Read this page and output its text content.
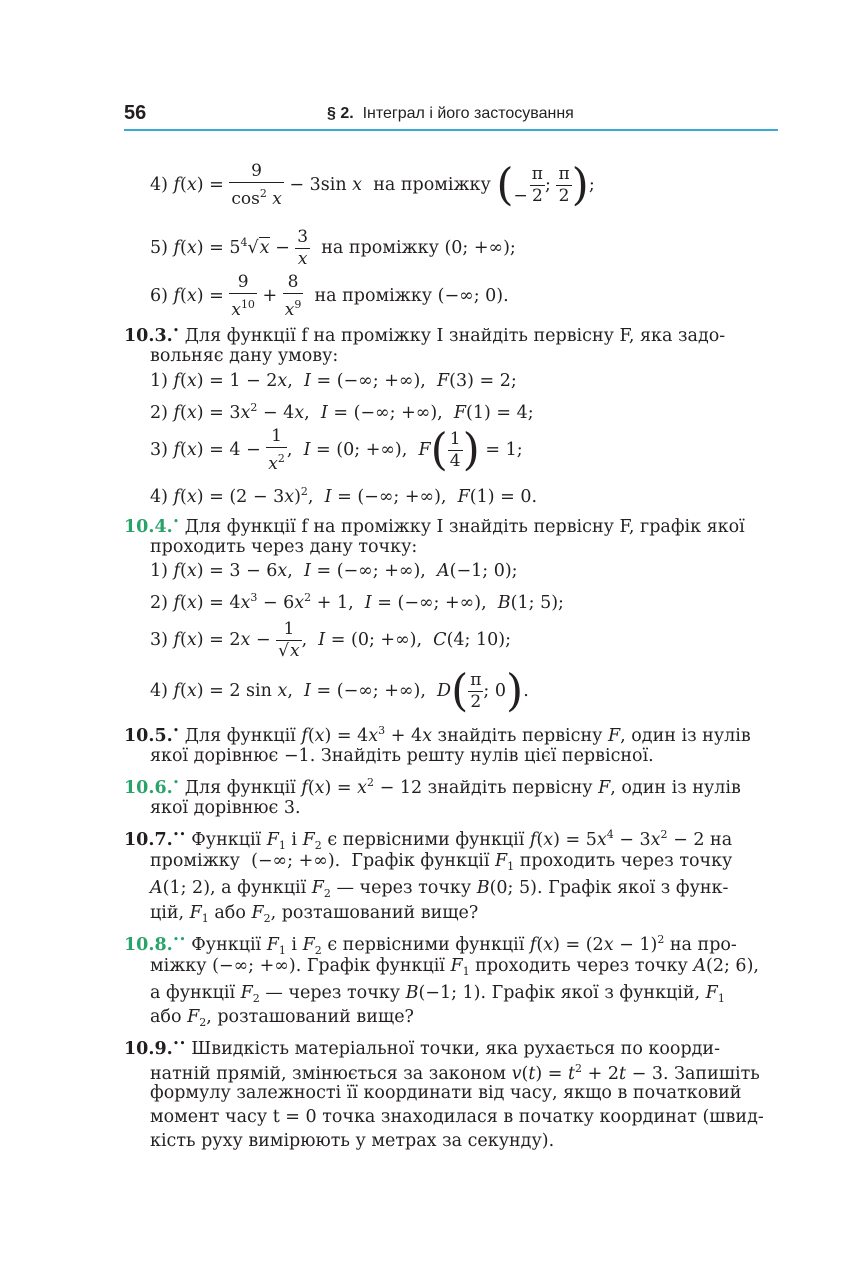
56	§ 2. Інтеграл і його застосування
4) $f(x) = \frac{9}{\cos^2 x} - 3\sin$ x на проміжку (
− $\frac{\pi}{2}$ ; $\frac{\pi}{2}$ );
5) $f(x) = 5^4√x - \frac{3}{x}$ на проміжку (0; +∞);
6) $f(x) = \frac{9}{x^{10}} + \frac{8}{x^9}$ на проміжку (−∞; 0).
10.3.• Для функції f на проміжку I знайдіть первісну F, яка задо-
вольняє дану умову:
1) f(x) = 1 − 2x,  I = (−∞; +∞),  F(3) = 2;
2) $f(x) = 3x^2 - 4x$,  I = (−∞; +∞),  F(1) = 4;
3) $f(x) = 4 - \frac{1}{x^2}$ ,  I = (0; +∞),  $F( \frac{1}{4}$ ) = 1;
4) $f(x) = (2 - 3x)^2$,  I = (−∞; +∞),  F(1) = 0.
10.4.• Для функції f на проміжку I знайдіть первісну F, графік якої
проходить через дану точку:
1) f(x) = 3 − 6x,  I = (−∞; +∞),  A(−1; 0);
2) $f(x) = 4x^3 - 6x^2 + 1$,  I = (−∞; +∞),  B(1; 5);
3) $f(x) = 2x - \frac{1}{√x}$ ,  I = (0; +∞),  C(4; 10);
4) f(x) = 2 sin x,  I = (−∞; +∞),  $D( \frac{\pi}{2}$ ; 0).
10.5.• Для функції $f(x) = 4x^3 + 4x$ знайдіть первісну F, один із нулів
якої дорівнює −1. Знайдіть решту нулів цієї первісної.
10.6.• Для функції $f(x) = x^2 - 12$ знайдіть первісну F, один із нулів
якої дорівнює 3.
10.7.•• Функції $F_1$ і $F_2$ є первісними функції $f(x) = 5x^4 - 3x^2 - 2$ на
проміжку  (−∞; +∞).  Графік функції $F_1$ проходить через точку
A(1; 2), а функції $F_2$ — через точку B(0; 5). Графік якої з функ-
цій, $F_1$ або $F_2$, розташований вище?
10.8.•• Функції $F_1$ і $F_2$ є первісними функції $f(x) = (2x - 1)^2$ на про-
міжку (−∞; +∞). Графік функції $F_1$ проходить через точку A(2; 6),
а функції $F_2$ — через точку B(−1; 1). Графік якої з функцій, $F_1$
або $F_2$, розташований вище?
10.9.•• Швидкість матеріальної точки, яка рухається по коорди-
натній прямій, змінюється за законом $v(t) = t^2 + 2t - 3$. Запишіть
формулу залежності її координати від часу, якщо в початковий
момент часу t = 0 точка знаходилася в початку координат (швид-
кість руху вимірюють у метрах за секунду).
